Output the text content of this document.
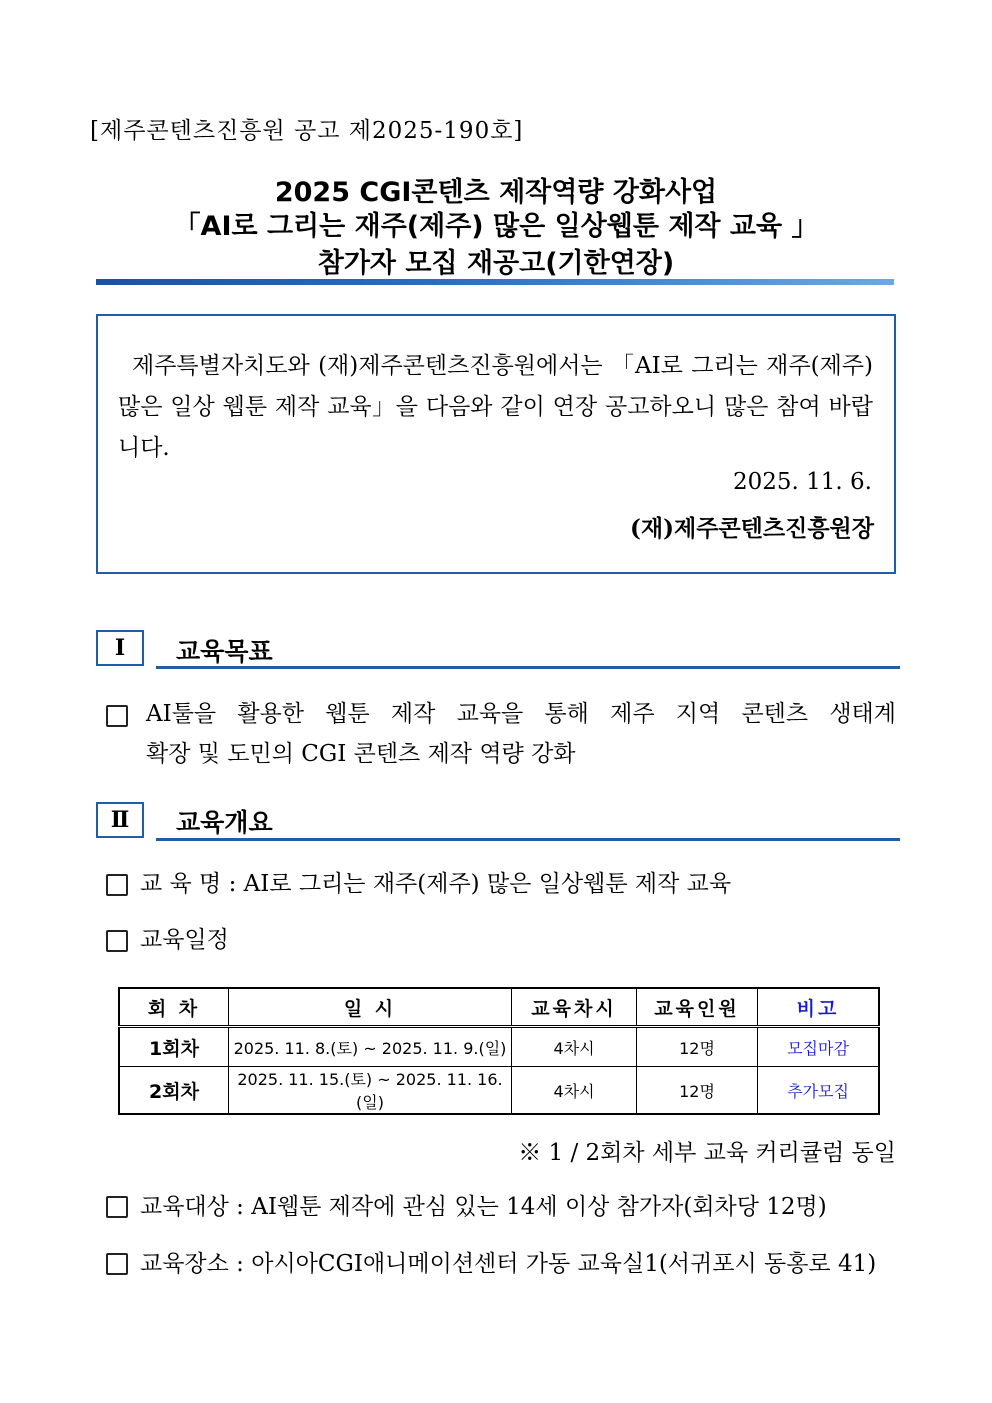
[제주콘텐츠진흥원 공고 제2025-190호]
2025 CGI콘텐츠 제작역량 강화사업
「AI로 그리는 재주(제주) 많은 일상웹툰 제작 교육 」
참가자 모집 재공고(기한연장)
제주특별자치도와 (재)제주콘텐츠진흥원에서는 「AI로 그리는 재주(제주) 많은 일상 웹툰 제작 교육」을 다음와 같이 연장 공고하오니 많은 참여 바랍니다.
2025. 11. 6.
(재)제주콘텐츠진흥원장
Ⅰ	교육목표
AI툴을 활용한 웹툰 제작 교육을 통해 제주 지역 콘텐츠 생태계
확장 및 도민의 CGI 콘텐츠 제작 역량 강화
Ⅱ	교육개요
교 육 명 : AI로 그리는 재주(제주) 많은 일상웹툰 제작 교육
교육일정
회 차	일 시	교육차시	교육인원	비고
1회차	2025. 11. 8.(토) ~ 2025. 11. 9.(일)	4차시	12명	모집마감
2회차	2025. 11. 15.(토) ~ 2025. 11. 16.(일)	4차시	12명	추가모집
※ 1 / 2회차 세부 교육 커리큘럼 동일
교육대상 : AI웹툰 제작에 관심 있는 14세 이상 참가자(회차당 12명)
교육장소 : 아시아CGI애니메이션센터 가동 교육실1(서귀포시 동홍로 41)
